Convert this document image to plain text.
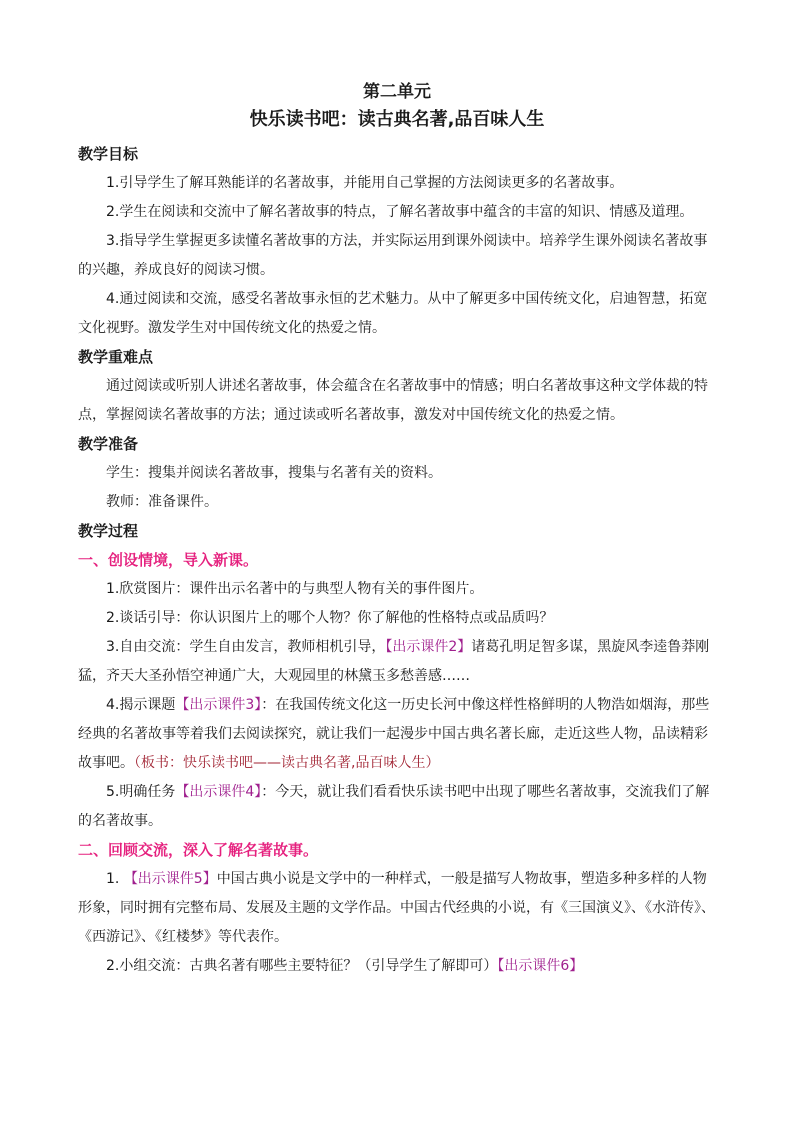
第二单元
快乐读书吧：读古典名著,品百味人生

教学目标

1.引导学生了解耳熟能详的名著故事，并能用自己掌握的方法阅读更多的名著故事。

2.学生在阅读和交流中了解名著故事的特点，了解名著故事中蕴含的丰富的知识、情感及道理。

3.指导学生掌握更多读懂名著故事的方法，并实际运用到课外阅读中。培养学生课外阅读名著故事的兴趣，养成良好的阅读习惯。

4.通过阅读和交流，感受名著故事永恒的艺术魅力。从中了解更多中国传统文化，启迪智慧，拓宽文化视野。激发学生对中国传统文化的热爱之情。

教学重难点

通过阅读或听别人讲述名著故事，体会蕴含在名著故事中的情感；明白名著故事这种文学体裁的特点，掌握阅读名著故事的方法；通过读或听名著故事，激发对中国传统文化的热爱之情。

教学准备

学生：搜集并阅读名著故事，搜集与名著有关的资料。

教师：准备课件。

教学过程

一、创设情境，导入新课。

1.欣赏图片：课件出示名著中的与典型人物有关的事件图片。

2.谈话引导：你认识图片上的哪个人物？你了解他的性格特点或品质吗？

3.自由交流：学生自由发言，教师相机引导，【出示课件2】诸葛孔明足智多谋，黑旋风李逵鲁莽刚猛，齐天大圣孙悟空神通广大，大观园里的林黛玉多愁善感……

4.揭示课题【出示课件3】：在我国传统文化这一历史长河中像这样性格鲜明的人物浩如烟海，那些经典的名著故事等着我们去阅读探究，就让我们一起漫步中国古典名著长廊，走近这些人物，品读精彩故事吧。（板书：快乐读书吧——读古典名著,品百味人生）

5.明确任务【出示课件4】：今天，就让我们看看快乐读书吧中出现了哪些名著故事，交流我们了解的名著故事。

二、回顾交流，深入了解名著故事。

1. 【出示课件5】中国古典小说是文学中的一种样式，一般是描写人物故事，塑造多种多样的人物形象，同时拥有完整布局、发展及主题的文学作品。中国古代经典的小说，有《三国演义》、《水浒传》、《西游记》、《红楼梦》等代表作。

2.小组交流：古典名著有哪些主要特征？（引导学生了解即可）【出示课件6】
